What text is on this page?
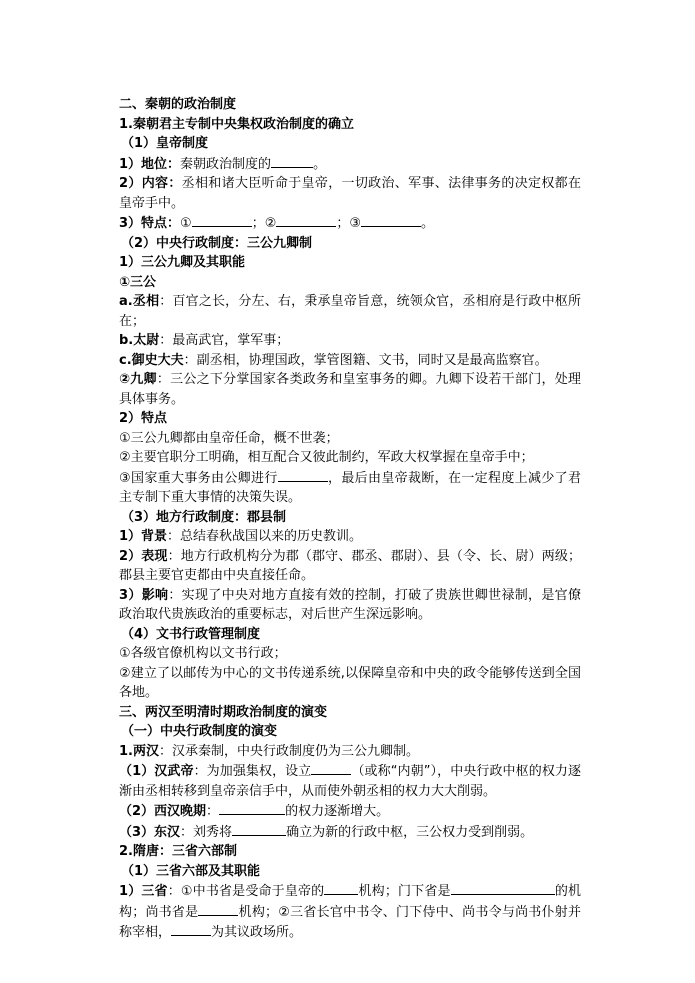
二、秦朝的政治制度
1.秦朝君主专制中央集权政治制度的确立
（1）皇帝制度
1）地位：秦朝政治制度的	。
2）内容：丞相和诸大臣听命于皇帝，一切政治、军事、法律事务的决定权都在皇帝手中。
3）特点：①	；②	；③	。
（2）中央行政制度：三公九卿制
1）三公九卿及其职能
①三公
a.丞相：百官之长，分左、右，秉承皇帝旨意，统领众官，丞相府是行政中枢所在；
b.太尉：最高武官，掌军事；
c.御史大夫：副丞相，协理国政，掌管图籍、文书，同时又是最高监察官。
②九卿：三公之下分掌国家各类政务和皇室事务的卿。九卿下设若干部门，处理具体事务。
2）特点
①三公九卿都由皇帝任命，概不世袭；
②主要官职分工明确，相互配合又彼此制约，军政大权掌握在皇帝手中；
③国家重大事务由公卿进行	，最后由皇帝裁断，在一定程度上减少了君主专制下重大事情的决策失误。
（3）地方行政制度：郡县制
1）背景：总结春秋战国以来的历史教训。
2）表现：地方行政机构分为郡（郡守、郡丞、郡尉）、县（令、长、尉）两级；郡县主要官吏都由中央直接任命。
3）影响：实现了中央对地方直接有效的控制，打破了贵族世卿世禄制，是官僚政治取代贵族政治的重要标志，对后世产生深远影响。
（4）文书行政管理制度
①各级官僚机构以文书行政；
②建立了以邮传为中心的文书传递系统,以保障皇帝和中央的政令能够传送到全国各地。
三、两汉至明清时期政治制度的演变
（一）中央行政制度的演变
1.两汉：汉承秦制，中央行政制度仍为三公九卿制。
（1）汉武帝：为加强集权，设立	（或称“内朝”），中央行政中枢的权力逐渐由丞相转移到皇帝亲信手中，从而使外朝丞相的权力大大削弱。
（2）西汉晚期：	的权力逐渐增大。
（3）东汉：刘秀将	确立为新的行政中枢，三公权力受到削弱。
2.隋唐：三省六部制
（1）三省六部及其职能
1）三省：①中书省是受命于皇帝的	机构；门下省是	的机构；尚书省是	机构；②三省长官中书令、门下侍中、尚书令与尚书仆射并称宰相，	为其议政场所。
